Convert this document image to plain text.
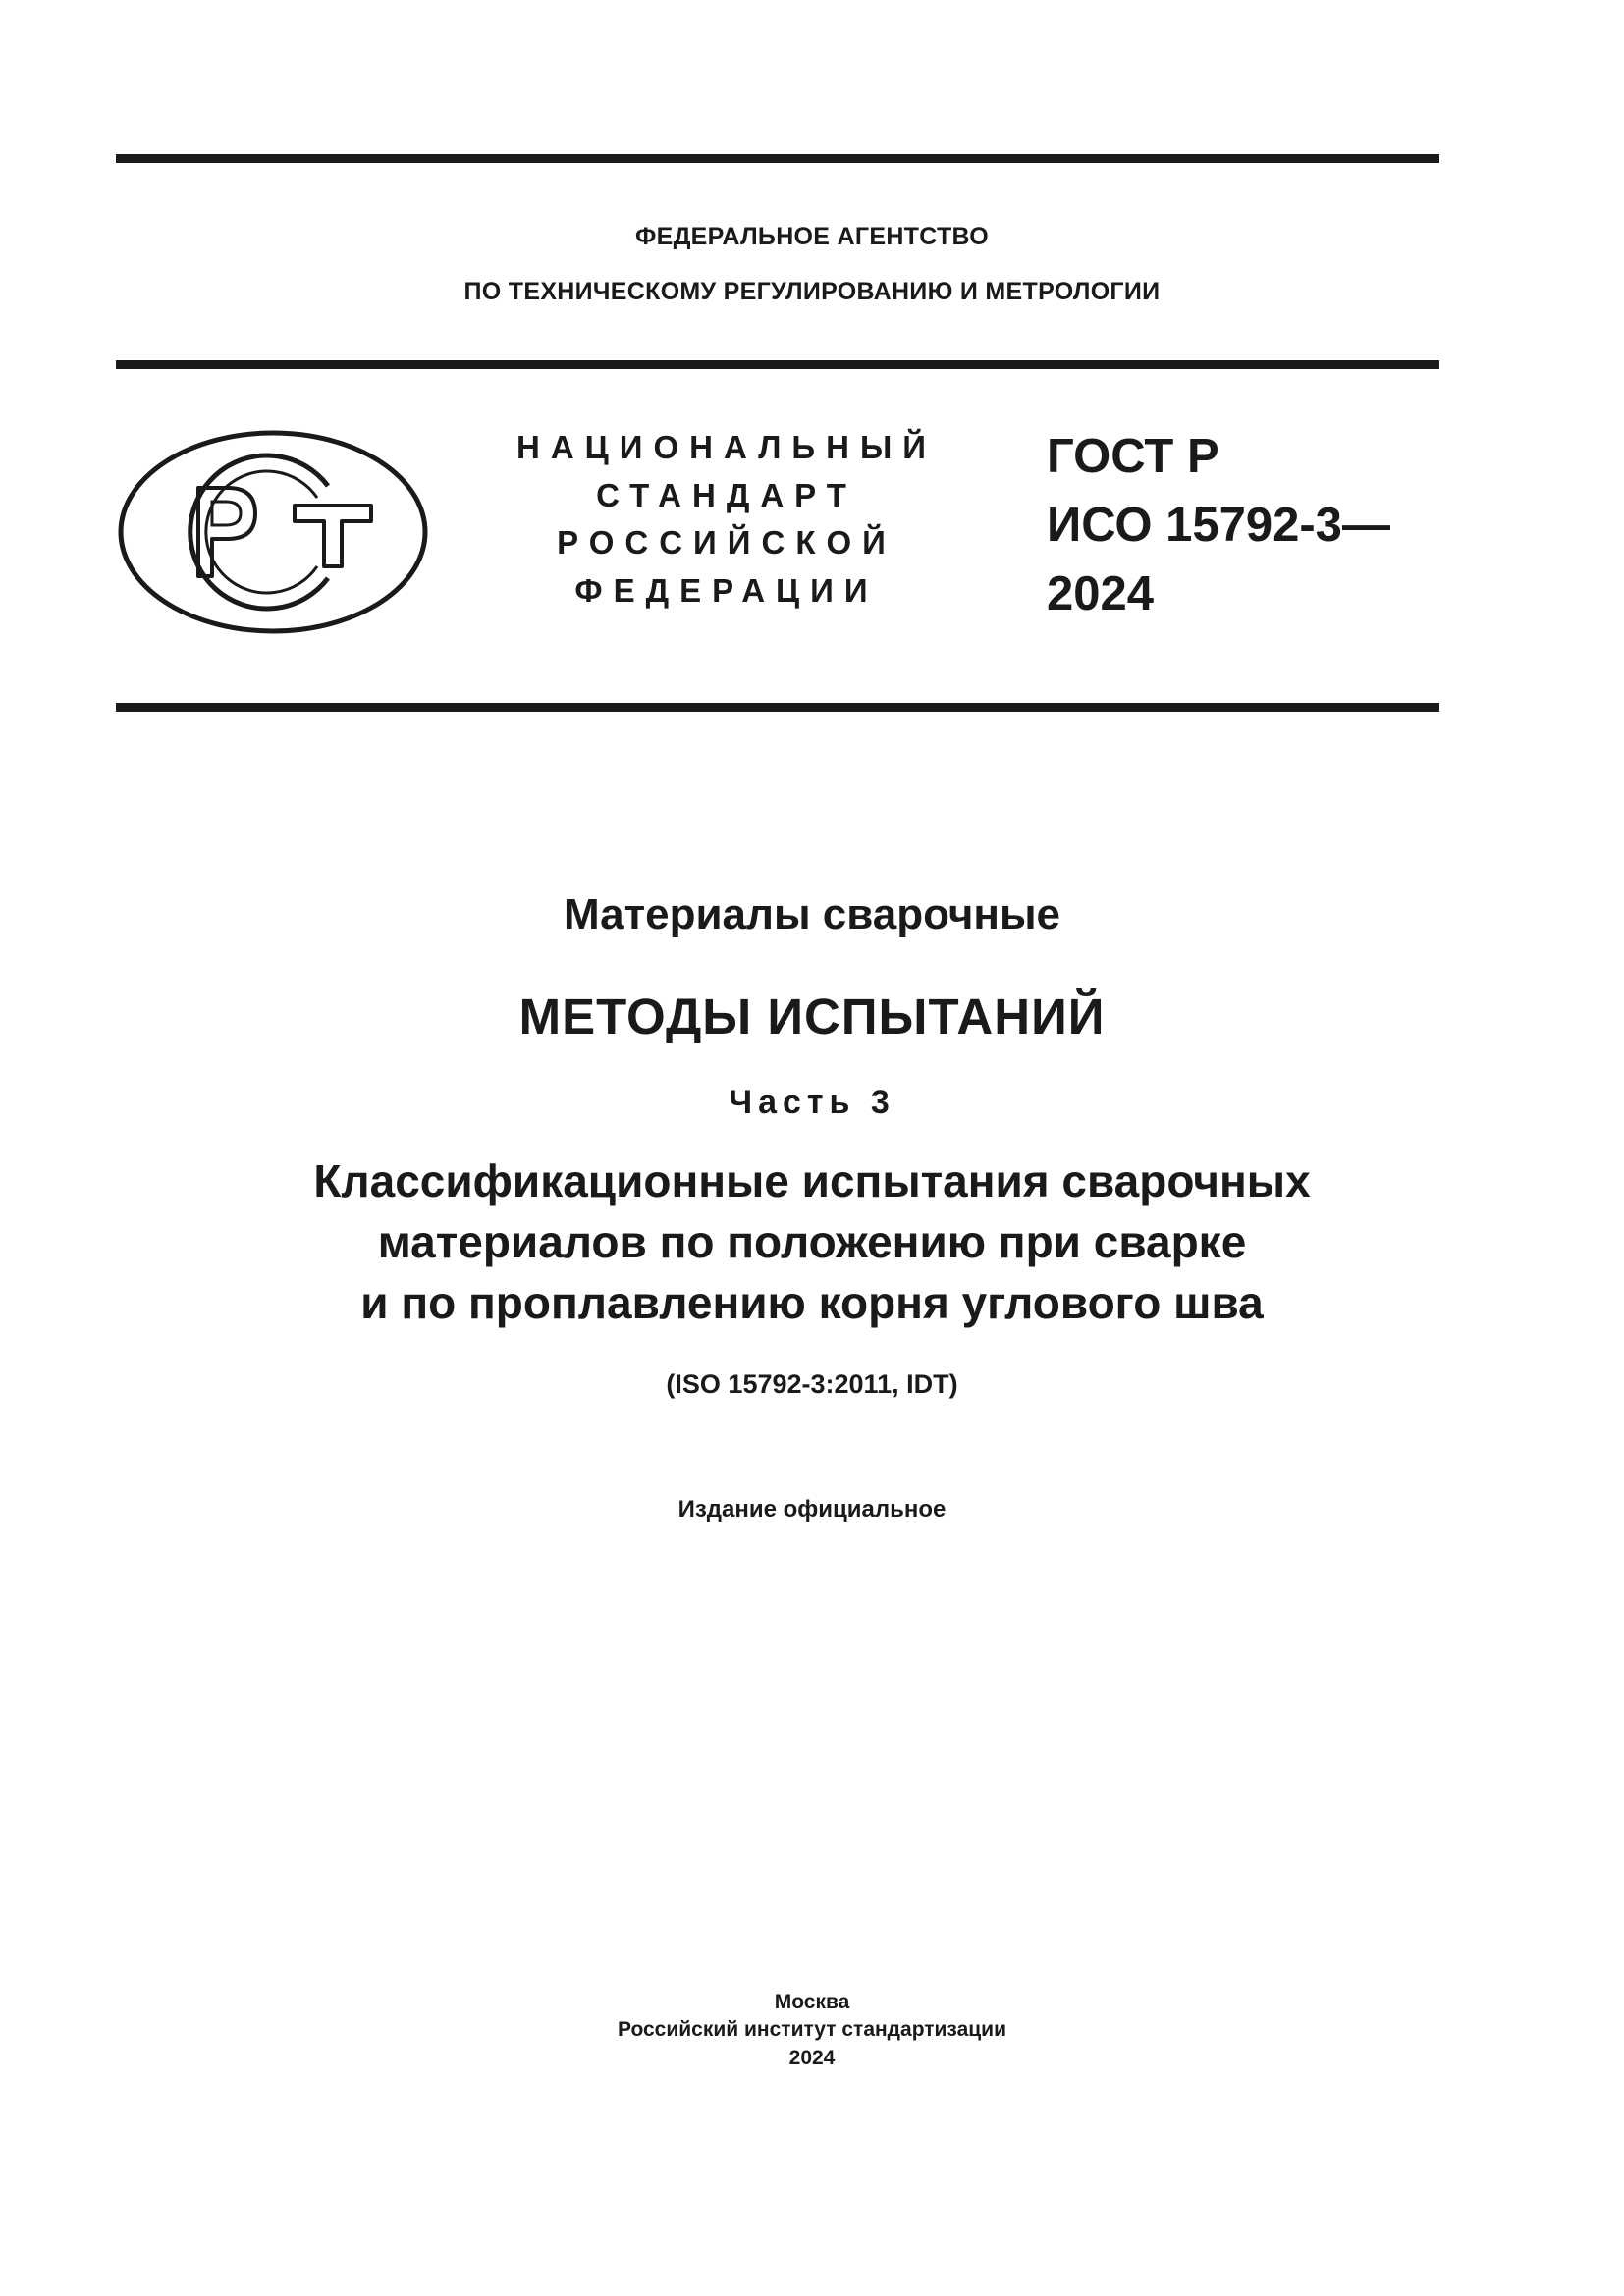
ФЕДЕРАЛЬНОЕ АГЕНТСТВО
ПО ТЕХНИЧЕСКОМУ РЕГУЛИРОВАНИЮ И МЕТРОЛОГИИ
НАЦИОНАЛЬНЫЙ
СТАНДАРТ
РОССИЙСКОЙ
ФЕДЕРАЦИИ
ГОСТ Р
ИСО 15792-3—
2024
Материалы сварочные
МЕТОДЫ ИСПЫТАНИЙ
Часть 3
Классификационные испытания сварочных
материалов по положению при сварке
и по проплавлению корня углового шва
(ISO 15792-3:2011, IDT)
Издание официальное
Москва
Российский институт стандартизации
2024
